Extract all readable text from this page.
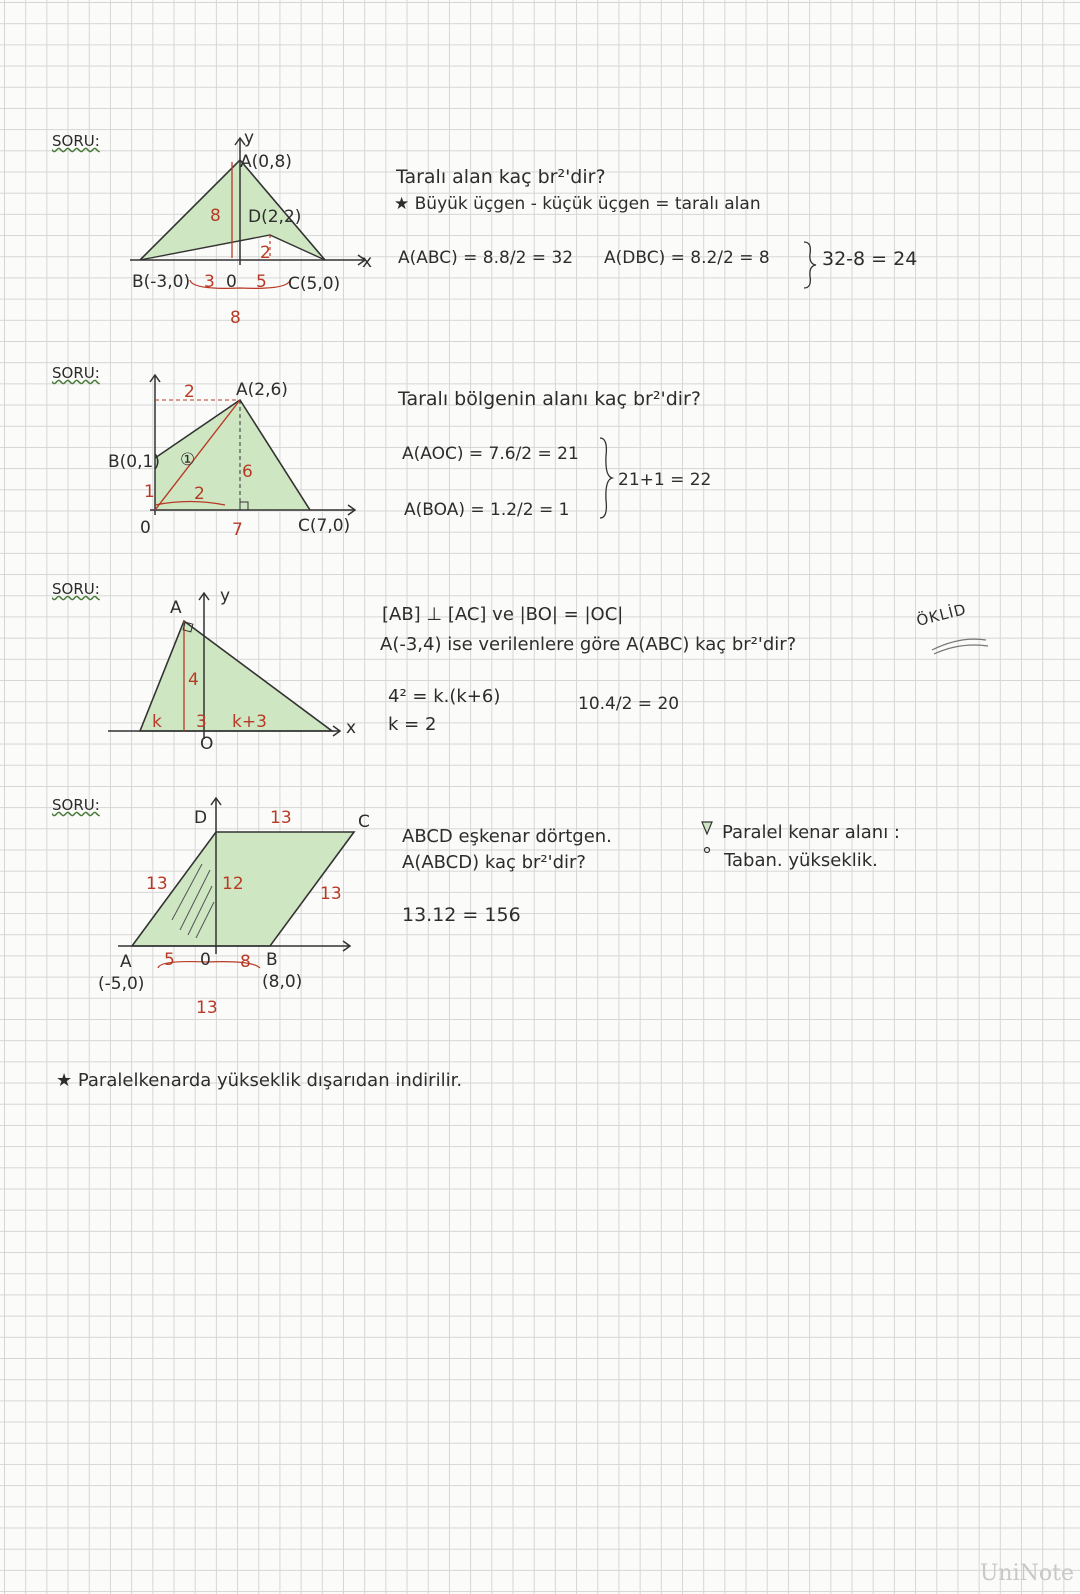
SORU:	y
A(0,8)
D(2,2)
8
2	x
B(-3,0) 3 0 5 C(5,0)
8
Taralı alan kaç br²'dir?
★ Büyük üçgen - küçük üçgen = taralı alan
A(ABC) = 8.8/2 = 32 A(DBC) = 8.2/2 = 8	32-8 = 24
SORU:
2 A(2,6)
B(0,1) ①
6
1 2
0	7	C(7,0)
Taralı bölgenin alanı kaç br²'dir?
A(AOC) = 7.6/2 = 21
A(BOA) = 1.2/2 = 1
21+1 = 22
SORU:
A
y
4
k 3 k+3
O
x
[AB] ⊥ [AC] ve |BO| = |OC|
A(-3,4) ise verilenlere göre A(ABC) kaç br²'dir?
ÖKLİD
4² = k.(k+6)
k = 2
10.4/2 = 20
SORU:
D	13	C
13	12	13
A 5 0 8 B
(-5,0)	(8,0)
13
ABCD eşkenar dörtgen.
A(ABCD) kaç br²'dir?
13.12 = 156
Paralel kenar alanı :
Taban. yükseklik.
★ Paralelkenarda yükseklik dışarıdan indirilir.
UniNote
